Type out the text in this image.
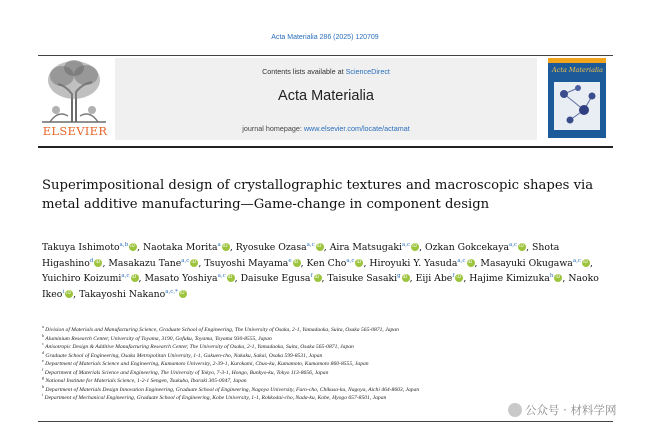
Acta Materialia 286 (2025) 120709
ELSEVIER
Contents lists available at ScienceDirect
Acta Materialia
journal homepage: www.elsevier.com/locate/actamat
Acta Materialia
Superimpositional design of crystallographic textures and macroscopic shapes via metal additive manufacturing—Game-change in component design
Takuya Ishimoto$^{a,b}$ iD , Naotaka Morita$^a$ iD , Ryosuke Ozasa$^{a,c}$ iD , Aira Matsugaki$^{a,c}$ iD , Ozkan Gokcekaya$^{a,c}$ iD , Shota Higashino$^d$ iD , Masakazu Tane$^{a,c}$ iD , Tsuyoshi Mayama$^e$ iD , Ken Cho$^{a,c}$ iD , Hiroyuki Y. Yasuda$^{a,c}$ iD , Masayuki Okugawa$^{a,c}$ iD , Yuichiro Koizumi$^{a,c}$ iD , Masato Yoshiya$^{a,c}$ iD , Daisuke Egusa$^f$ iD , Taisuke Sasaki$^g$ iD , Eiji Abe$^f$ iD , Hajime Kimizuka$^h$ iD , Naoko Ikeo$^i$ iD , Takayoshi Nakano$^{a,c,*}$iD
$^a$ Division of Materials and Manufacturing Science, Graduate School of Engineering, The University of Osaka, 2-1, Yamadaoka, Suita, Osaka 565-0871, Japan
$^b$ Aluminium Research Center, University of Toyama, 3190, Gofuku, Toyama, Toyama 930-8555, Japan
$^c$ Anisotropic Design & Additive Manufacturing Research Center, The University of Osaka, 2-1, Yamadaoka, Suita, Osaka 565-0871, Japan
$^d$ Graduate School of Engineering, Osaka Metropolitan University, 1-1, Gakuen-cho, Nakaku, Sakai, Osaka 599-8531, Japan
$^e$ Department of Materials Science and Engineering, Kumamoto University, 2-39-1, Kurokami, Chuo-ku, Kumamoto, Kumamoto 860-8555, Japan
$^f$ Department of Materials Science and Engineering, The University of Tokyo, 7-3-1, Hongo, Bunkyo-ku, Tokyo 113-8656, Japan
$^g$ National Institute for Materials Science, 1-2-1 Sengen, Tsukuba, Ibaraki 305-0047, Japan
$^h$ Department of Materials Design Innovation Engineering, Graduate School of Engineering, Nagoya University, Furo-cho, Chikusa-ku, Nagoya, Aichi 464-8603, Japan
$^i$ Department of Mechanical Engineering, Graduate School of Engineering, Kobe University, 1-1, Rokkodai-cho, Nada-ku, Kobe, Hyogo 657-8501, Japan
公众号 · 材料学网
